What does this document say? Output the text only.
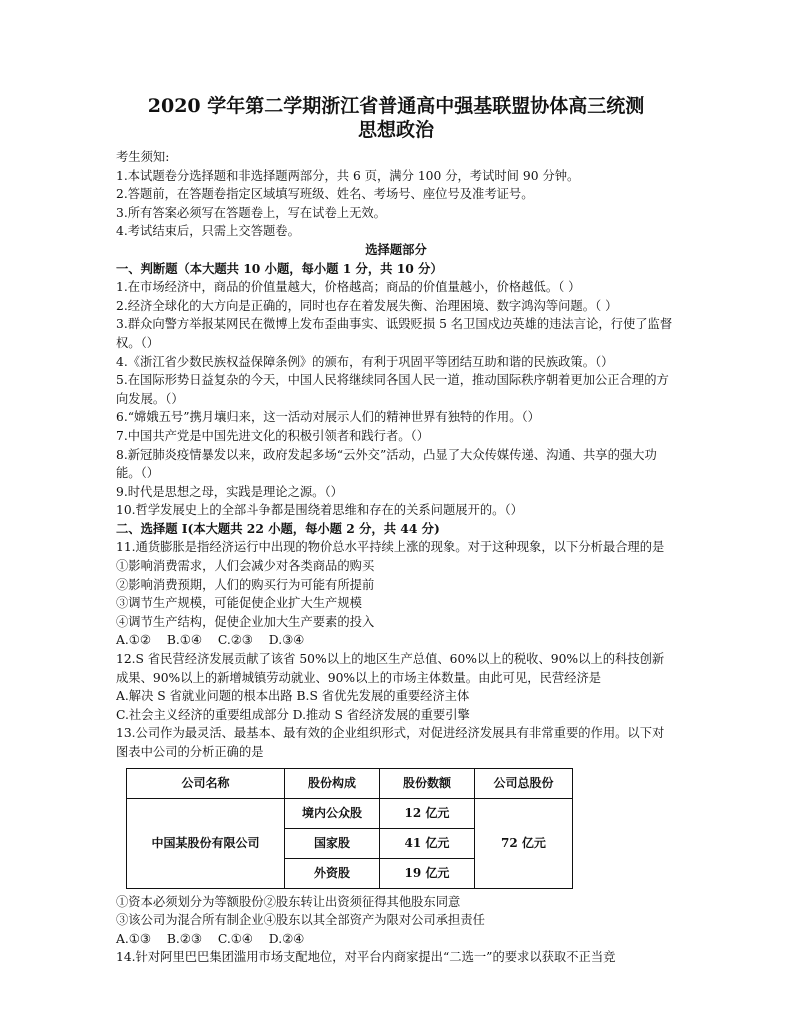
2020 学年第二学期浙江省普通高中强基联盟协体高三统测
思想政治
考生须知:
1.本试题卷分选择题和非选择题两部分，共 6 页，满分 100 分，考试时间 90 分钟。
2.答题前，在答题卷指定区域填写班级、姓名、考场号、座位号及准考证号。
3.所有答案必须写在答题卷上，写在试卷上无效。
4.考试结束后，只需上交答题卷。
选择题部分
一、判断题（本大题共 10 小题，每小题 1 分，共 10 分）
1.在市场经济中，商品的价值量越大，价格越高；商品的价值量越小，价格越低。（ ）
2.经济全球化的大方向是正确的，同时也存在着发展失衡、治理困境、数字鸿沟等问题。（ ）
3.群众向警方举报某网民在微博上发布歪曲事实、诋毁贬损 5 名卫国戍边英雄的违法言论，行使了监督权。（）
4.《浙江省少数民族权益保障条例》的颁布，有利于巩固平等团结互助和谐的民族政策。（）
5.在国际形势日益复杂的今天，中国人民将继续同各国人民一道，推动国际秩序朝着更加公正合理的方向发展。（）
6.“嫦娥五号”携月壤归来，这一活动对展示人们的精神世界有独特的作用。（）
7.中国共产党是中国先进文化的积极引领者和践行者。（）
8.新冠肺炎疫情暴发以来，政府发起多场“云外交”活动，凸显了大众传媒传递、沟通、共享的强大功能。（）
9.时代是思想之母，实践是理论之源。（）
10.哲学发展史上的全部斗争都是围绕着思维和存在的关系问题展开的。（）
二、选择题 I(本大题共 22 小题，每小题 2 分，共 44 分)
11.通货膨胀是指经济运行中出现的物价总水平持续上涨的现象。对于这种现象，以下分析最合理的是
①影响消费需求，人们会减少对各类商品的购买
②影响消费预期，人们的购买行为可能有所提前
③调节生产规模，可能促使企业扩大生产规模
④调节生产结构，促使企业加大生产要素的投入
A.①② B.①④ C.②③ D.③④
12.S 省民营经济发展贡献了该省 50%以上的地区生产总值、60%以上的税收、90%以上的科技创新成果、90%以上的新增城镇劳动就业、90%以上的市场主体数量。由此可见，民营经济是
A.解决 S 省就业问题的根本出路 B.S 省优先发展的重要经济主体
C.社会主义经济的重要组成部分 D.推动 S 省经济发展的重要引擎
13.公司作为最灵活、最基本、最有效的企业组织形式，对促进经济发展具有非常重要的作用。以下对图表中公司的分析正确的是
公司名称	股份构成	股份数额	公司总股份
中国某股份有限公司	境内公众股	12 亿元	72 亿元
	国家股	41 亿元	
	外资股	19 亿元	
①资本必须划分为等额股份②股东转让出资须征得其他股东同意
③该公司为混合所有制企业④股东以其全部资产为限对公司承担责任
A.①③ B.②③ C.①④ D.②④
14.针对阿里巴巴集团滥用市场支配地位，对平台内商家提出“二选一”的要求以获取不正当竞
